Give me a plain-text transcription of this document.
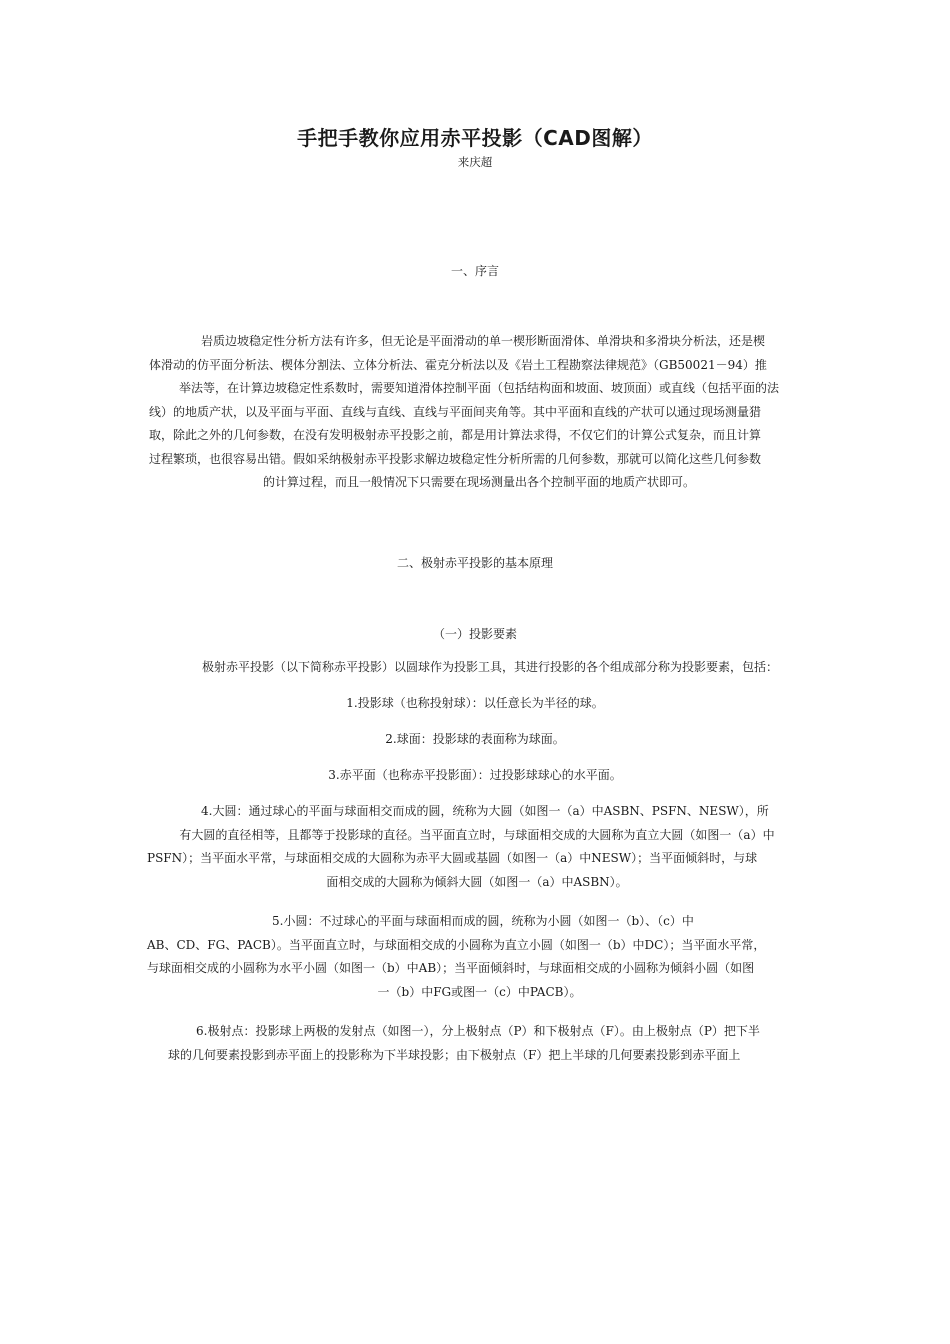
手把手教你应用赤平投影（CAD图解）
来庆超
一、序言
岩质边坡稳定性分析方法有许多，但无论是平面滑动的单一楔形断面滑体、单滑块和多滑块分析法，还是楔
体滑动的仿平面分析法、楔体分割法、立体分析法、霍克分析法以及《岩土工程勘察法律规范》（GB50021－94）推
举法等，在计算边坡稳定性系数时，需要知道滑体控制平面（包括结构面和坡面、坡顶面）或直线（包括平面的法
线）的地质产状，以及平面与平面、直线与直线、直线与平面间夹角等。其中平面和直线的产状可以通过现场测量猎
取，除此之外的几何参数，在没有发明极射赤平投影之前，都是用计算法求得，不仅它们的计算公式复杂，而且计算
过程繁琐，也很容易出错。假如采纳极射赤平投影求解边坡稳定性分析所需的几何参数，那就可以简化这些几何参数
的计算过程，而且一般情况下只需要在现场测量出各个控制平面的地质产状即可。
二、极射赤平投影的基本原理
（一）投影要素
极射赤平投影（以下简称赤平投影）以圆球作为投影工具，其进行投影的各个组成部分称为投影要素，包括：
1.投影球（也称投射球）：以任意长为半径的球。
2.球面：投影球的表面称为球面。
3.赤平面（也称赤平投影面）：过投影球球心的水平面。
4.大圆：通过球心的平面与球面相交而成的圆，统称为大圆（如图一（a）中ASBN、PSFN、NESW），所
有大圆的直径相等，且都等于投影球的直径。当平面直立时，与球面相交成的大圆称为直立大圆（如图一（a）中
PSFN）；当平面水平常，与球面相交成的大圆称为赤平大圆或基圆（如图一（a）中NESW）；当平面倾斜时，与球
面相交成的大圆称为倾斜大圆（如图一（a）中ASBN）。
5.小圆：不过球心的平面与球面相而成的圆，统称为小圆（如图一（b）、（c）中
AB、CD、FG、PACB）。当平面直立时，与球面相交成的小圆称为直立小圆（如图一（b）中DC）；当平面水平常，
与球面相交成的小圆称为水平小圆（如图一（b）中AB）；当平面倾斜时，与球面相交成的小圆称为倾斜小圆（如图
一（b）中FG或图一（c）中PACB）。
6.极射点：投影球上两极的发射点（如图一），分上极射点（P）和下极射点（F）。由上极射点（P）把下半
球的几何要素投影到赤平面上的投影称为下半球投影；由下极射点（F）把上半球的几何要素投影到赤平面上
